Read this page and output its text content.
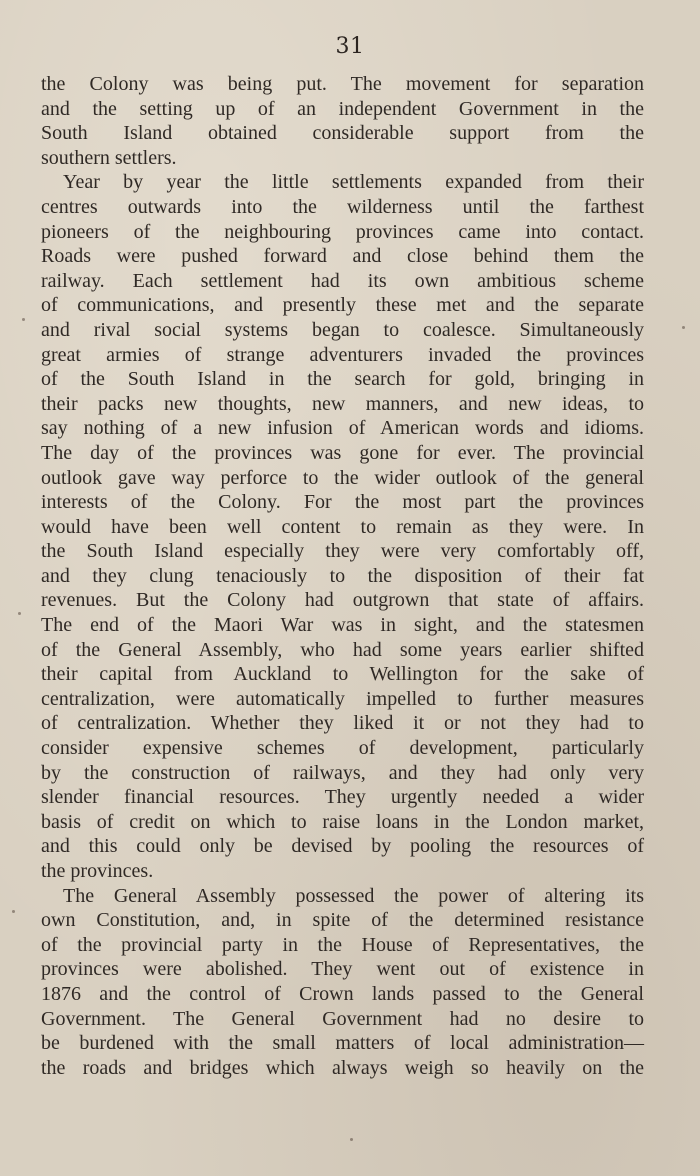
31
the Colony was being put. The movement for separation
and the setting up of an independent Government in the
South Island obtained considerable support from the
southern settlers.
Year by year the little settlements expanded from their
centres outwards into the wilderness until the farthest
pioneers of the neighbouring provinces came into contact.
Roads were pushed forward and close behind them the
railway. Each settlement had its own ambitious scheme
of communications, and presently these met and the separate
and rival social systems began to coalesce. Simultaneously
great armies of strange adventurers invaded the provinces
of the South Island in the search for gold, bringing in
their packs new thoughts, new manners, and new ideas, to
say nothing of a new infusion of American words and idioms.
The day of the provinces was gone for ever. The provincial
outlook gave way perforce to the wider outlook of the general
interests of the Colony. For the most part the provinces
would have been well content to remain as they were. In
the South Island especially they were very comfortably off,
and they clung tenaciously to the disposition of their fat
revenues. But the Colony had outgrown that state of affairs.
The end of the Maori War was in sight, and the statesmen
of the General Assembly, who had some years earlier shifted
their capital from Auckland to Wellington for the sake of
centralization, were automatically impelled to further measures
of centralization. Whether they liked it or not they had to
consider expensive schemes of development, particularly
by the construction of railways, and they had only very
slender financial resources. They urgently needed a wider
basis of credit on which to raise loans in the London market,
and this could only be devised by pooling the resources of
the provinces.
The General Assembly possessed the power of altering its
own Constitution, and, in spite of the determined resistance
of the provincial party in the House of Representatives, the
provinces were abolished. They went out of existence in
1876 and the control of Crown lands passed to the General
Government. The General Government had no desire to
be burdened with the small matters of local administration—
the roads and bridges which always weigh so heavily on the
